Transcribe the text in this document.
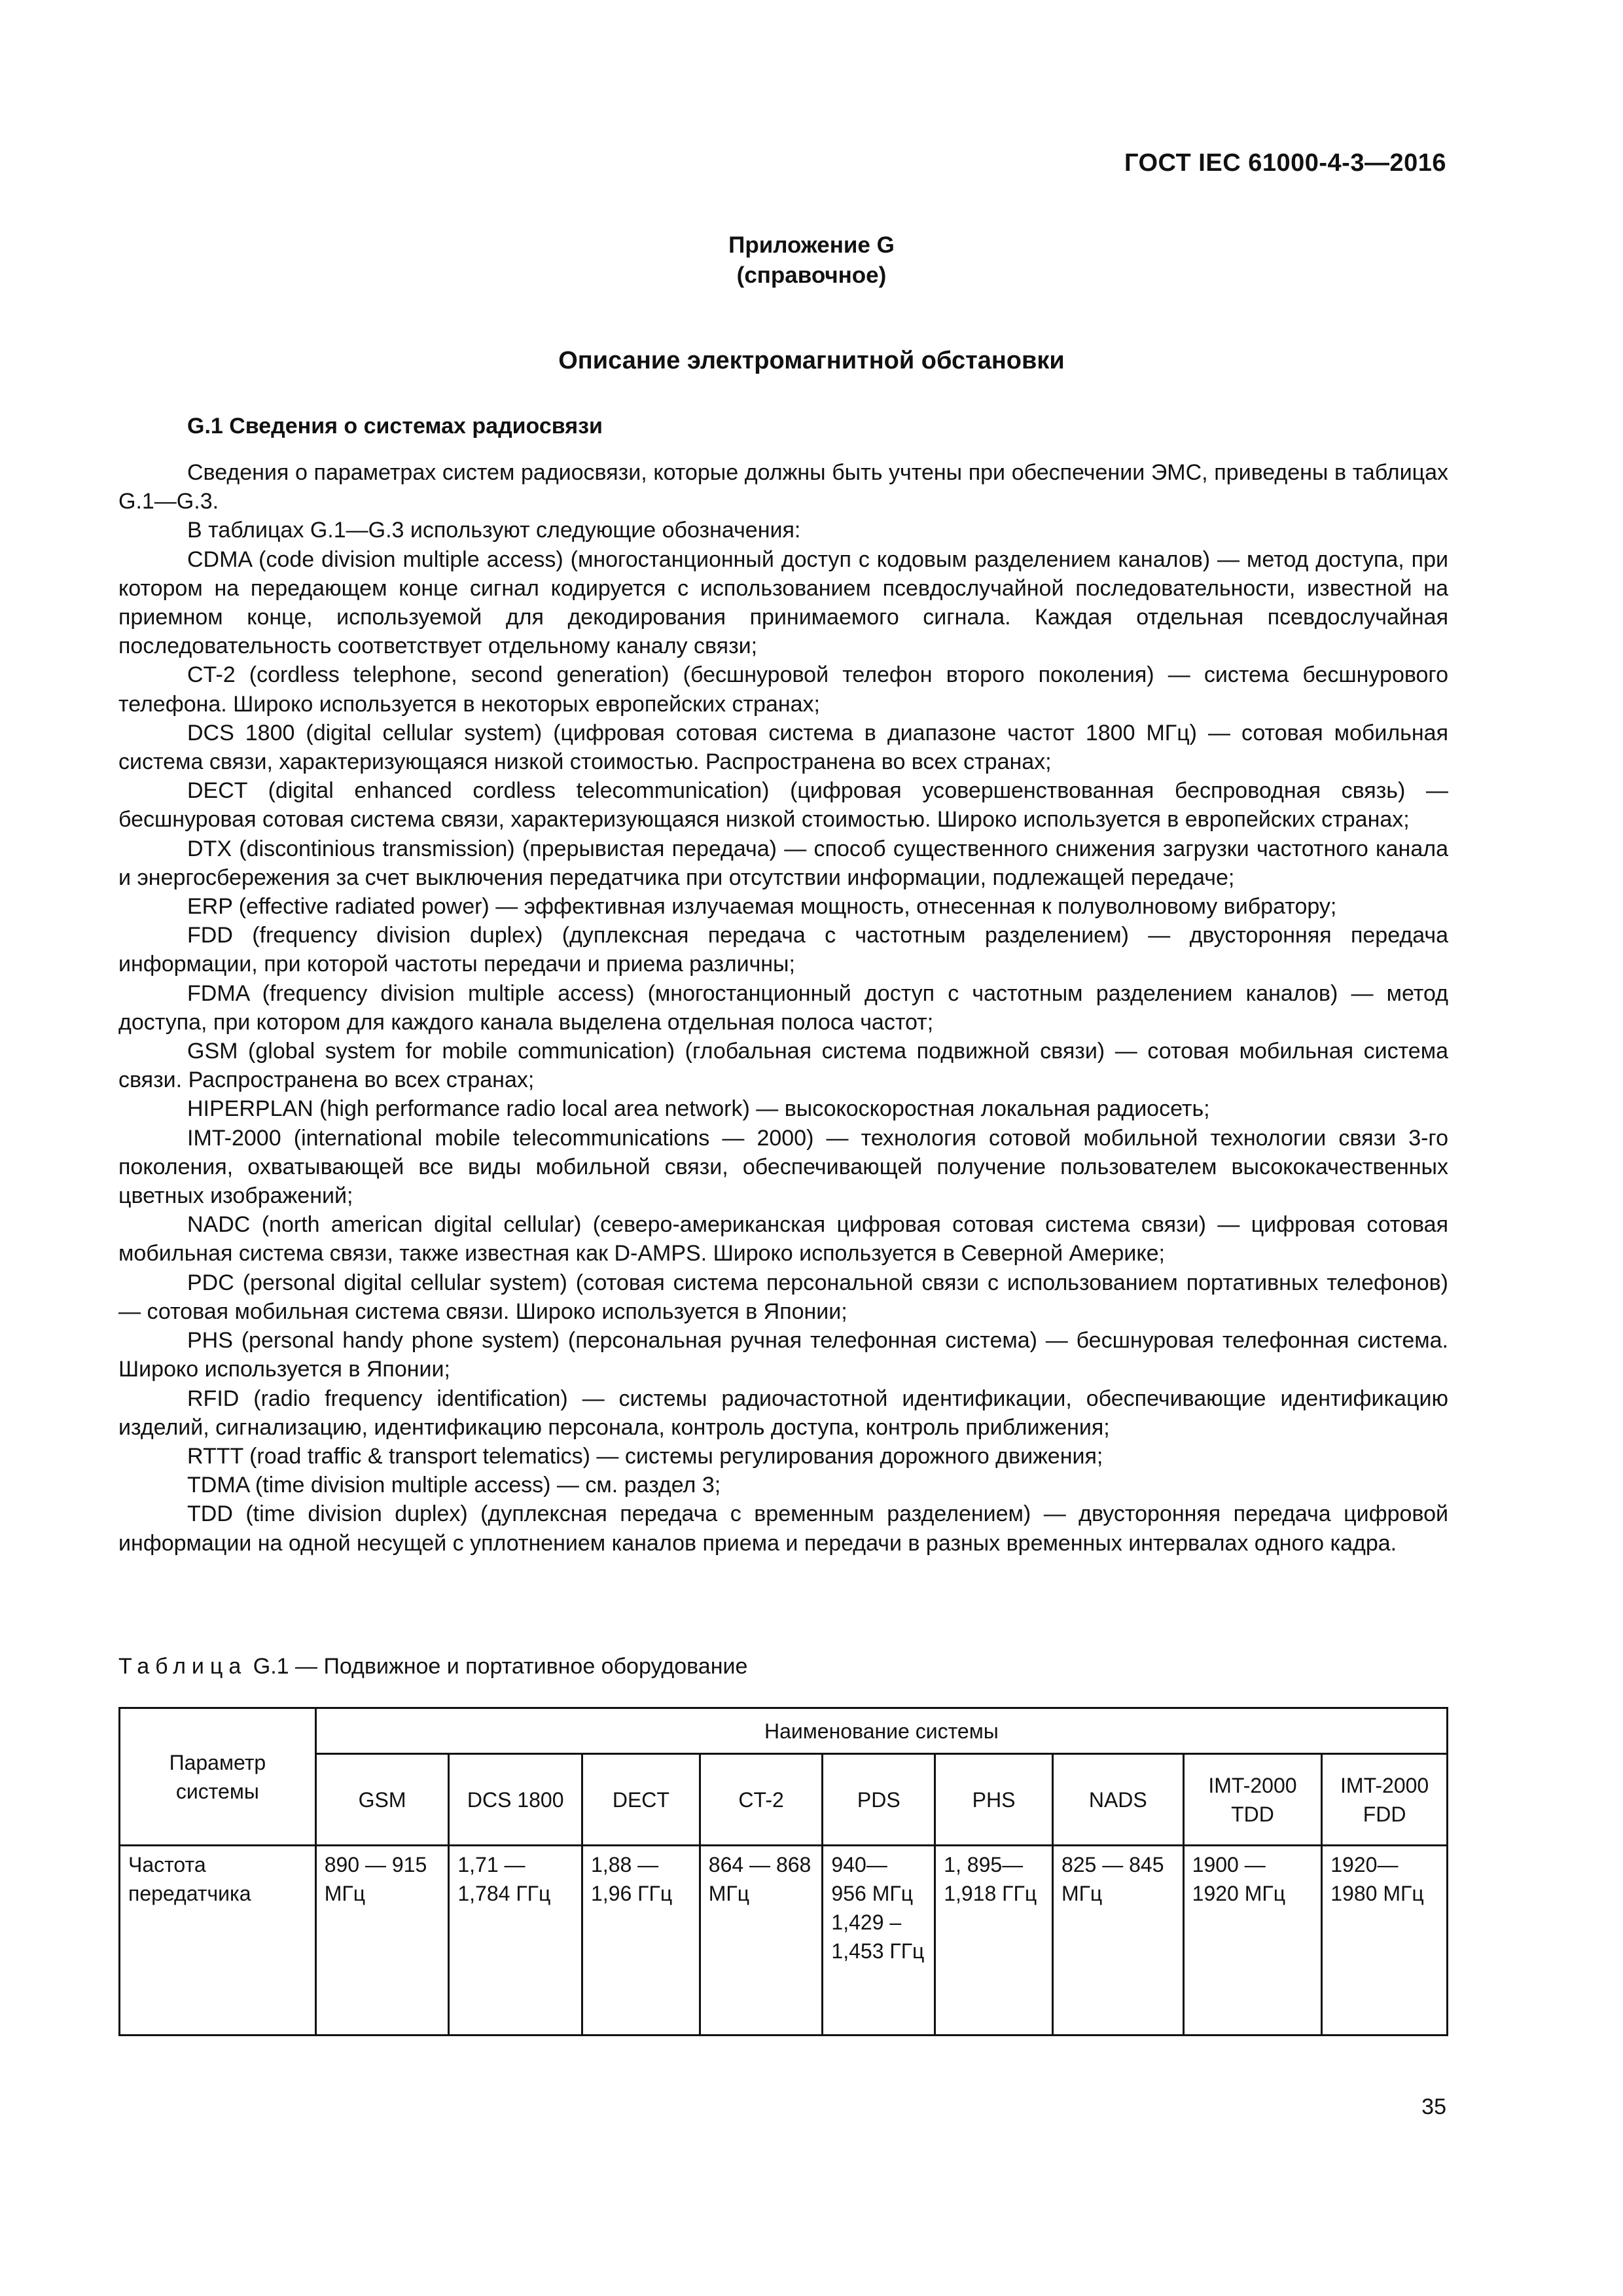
ГОСТ IEC 61000-4-3—2016
Приложение G
(справочное)
Описание электромагнитной обстановки
G.1 Сведения о системах радиосвязи

Сведения о параметрах систем радиосвязи, которые должны быть учтены при обеспечении ЭМС, приведены в таблицах G.1—G.3.

В таблицах G.1—G.3 используют следующие обозначения:

CDMA (code division multiple access) (многостанционный доступ с кодовым разделением каналов) — метод доступа, при котором на передающем конце сигнал кодируется с использованием псевдослучайной последовательности, известной на приемном конце, используемой для декодирования принимаемого сигнала. Каждая отдельная псевдослучайная последовательность соответствует отдельному каналу связи;

CT-2 (cordless telephone, second generation) (бесшнуровой телефон второго поколения) — система бесшнурового телефона. Широко используется в некоторых европейских странах;

DCS 1800 (digital cellular system) (цифровая сотовая система в диапазоне частот 1800 МГц) — сотовая мобильная система связи, характеризующаяся низкой стоимостью. Распространена во всех странах;

DECT (digital enhanced cordless telecommunication) (цифровая усовершенствованная беспроводная связь) — бесшнуровая сотовая система связи, характеризующаяся низкой стоимостью. Широко используется в европейских странах;

DTX (discontinious transmission) (прерывистая передача) — способ существенного снижения загрузки частотного канала и энергосбережения за счет выключения передатчика при отсутствии информации, подлежащей передаче;

ERP (effective radiated power) — эффективная излучаемая мощность, отнесенная к полуволновому вибратору;

FDD (frequency division duplex) (дуплексная передача с частотным разделением) — двусторонняя передача информации, при которой частоты передачи и приема различны;

FDMA (frequency division multiple access) (многостанционный доступ с частотным разделением каналов) — метод доступа, при котором для каждого канала выделена отдельная полоса частот;

GSM (global system for mobile communication) (глобальная система подвижной связи) — сотовая мобильная система связи. Распространена во всех странах;

HIPERPLAN (high performance radio local area network) — высокоскоростная локальная радиосеть;

IMT-2000 (international mobile telecommunications — 2000) — технология сотовой мобильной технологии связи 3-го поколения, охватывающей все виды мобильной связи, обеспечивающей получение пользователем высококачественных цветных изображений;

NADC (north american digital cellular) (северо-американская цифровая сотовая система связи) — цифровая сотовая мобильная система связи, также известная как D-AMPS. Широко используется в Северной Америке;

PDC (personal digital cellular system) (сотовая система персональной связи с использованием портативных телефонов) — сотовая мобильная система связи. Широко используется в Японии;

PHS (personal handy phone system) (персональная ручная телефонная система) — бесшнуровая телефонная система. Широко используется в Японии;

RFID (radio frequency identification) — системы радиочастотной идентификации, обеспечивающие идентификацию изделий, сигнализацию, идентификацию персонала, контроль доступа, контроль приближения;

RTTT (road traffic & transport telematics) — системы регулирования дорожного движения;

TDMA (time division multiple access) — см. раздел 3;

TDD (time division duplex) (дуплексная передача с временным разделением) — двусторонняя передача цифровой информации на одной несущей с уплотнением каналов приема и передачи в разных временных интервалах одного кадра.

Таблица G.1 — Подвижное и портативное оборудование
Параметр системы	Наименование системы								
	GSM	DCS 1800	DECT	CT-2	PDS	PHS	NADS	IMT-2000 TDD	IMT-2000 FDD
Частота передатчика	890 — 915 МГц	1,71 — 1,784 ГГц	1,88 — 1,96 ГГц	864 — 868 МГц	940— 956 МГц 1,429 –1,453 ГГц	1, 895— 1,918 ГГц	825 — 845 МГц	1900 — 1920 МГц	1920— 1980 МГц
35
